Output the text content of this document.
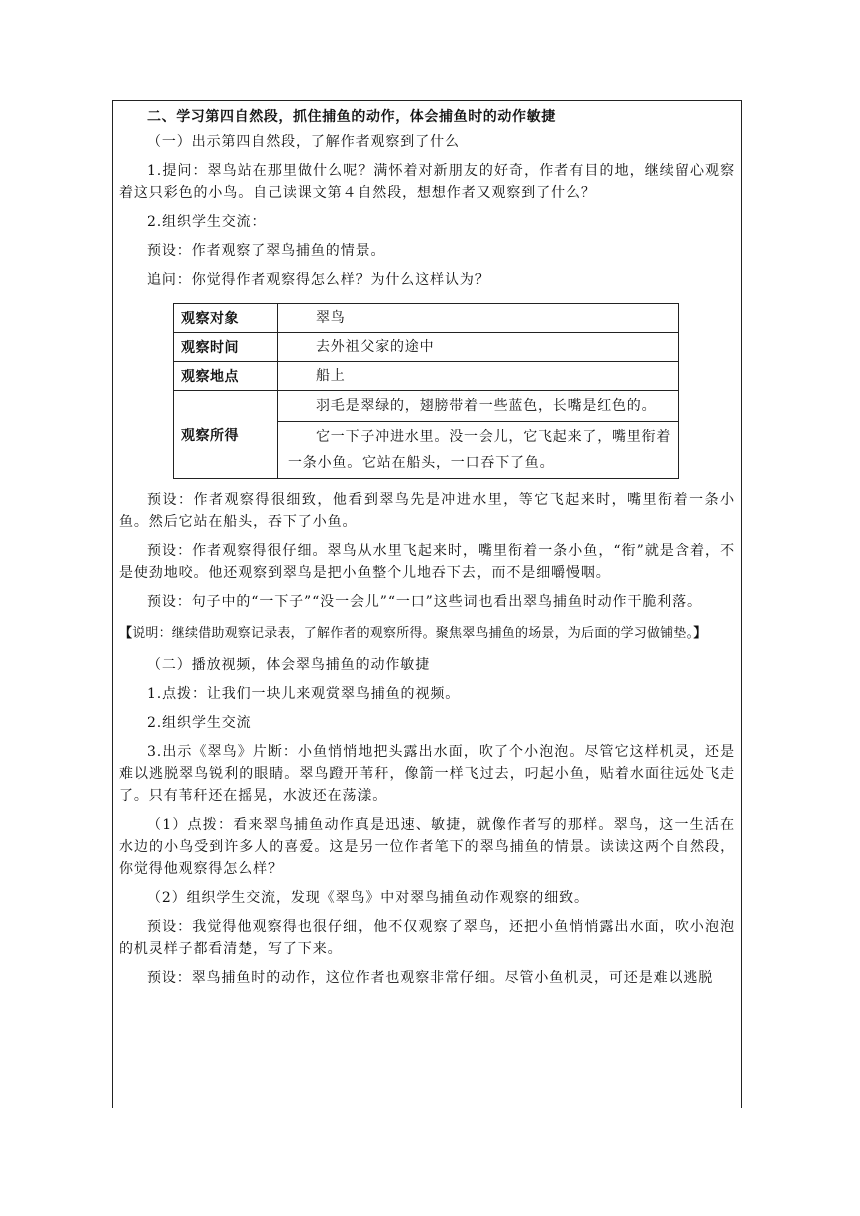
二、学习第四自然段，抓住捕鱼的动作，体会捕鱼时的动作敏捷

（一）出示第四自然段，了解作者观察到了什么

1.提问：翠鸟站在那里做什么呢？满怀着对新朋友的好奇，作者有目的地，继续留心观察着这只彩色的小鸟。自己读课文第４自然段，想想作者又观察到了什么？

2.组织学生交流：

预设：作者观察了翠鸟捕鱼的情景。

追问：你觉得作者观察得怎么样？为什么这样认为？

观察对象	翠鸟
观察时间	去外祖父家的途中
观察地点	船上
观察所得	羽毛是翠绿的，翅膀带着一些蓝色，长嘴是红色的。
	它一下子冲进水里。没一会儿，它飞起来了，嘴里衔着一条小鱼。它站在船头，一口吞下了鱼。

预设：作者观察得很细致，他看到翠鸟先是冲进水里，等它飞起来时，嘴里衔着一条小鱼。然后它站在船头，吞下了小鱼。

预设：作者观察得很仔细。翠鸟从水里飞起来时，嘴里衔着一条小鱼，“衔”就是含着，不是使劲地咬。他还观察到翠鸟是把小鱼整个儿地吞下去，而不是细嚼慢咽。

预设：句子中的“一下子”“没一会儿”“一口”这些词也看出翠鸟捕鱼时动作干脆利落。

【说明：继续借助观察记录表，了解作者的观察所得。聚焦翠鸟捕鱼的场景，为后面的学习做铺垫。】

（二）播放视频，体会翠鸟捕鱼的动作敏捷

1.点拨：让我们一块儿来观赏翠鸟捕鱼的视频。

2.组织学生交流

3.出示《翠鸟》片断：小鱼悄悄地把头露出水面，吹了个小泡泡。尽管它这样机灵，还是难以逃脱翠鸟锐利的眼睛。翠鸟蹬开苇秆，像箭一样飞过去，叼起小鱼，贴着水面往远处飞走了。只有苇秆还在摇晃，水波还在荡漾。

（1）点拨：看来翠鸟捕鱼动作真是迅速、敏捷，就像作者写的那样。翠鸟，这一生活在水边的小鸟受到许多人的喜爱。这是另一位作者笔下的翠鸟捕鱼的情景。读读这两个自然段，你觉得他观察得怎么样？

（2）组织学生交流，发现《翠鸟》中对翠鸟捕鱼动作观察的细致。

预设：我觉得他观察得也很仔细，他不仅观察了翠鸟，还把小鱼悄悄露出水面，吹小泡泡的机灵样子都看清楚，写了下来。

预设：翠鸟捕鱼时的动作，这位作者也观察非常仔细。尽管小鱼机灵，可还是难以逃脱
